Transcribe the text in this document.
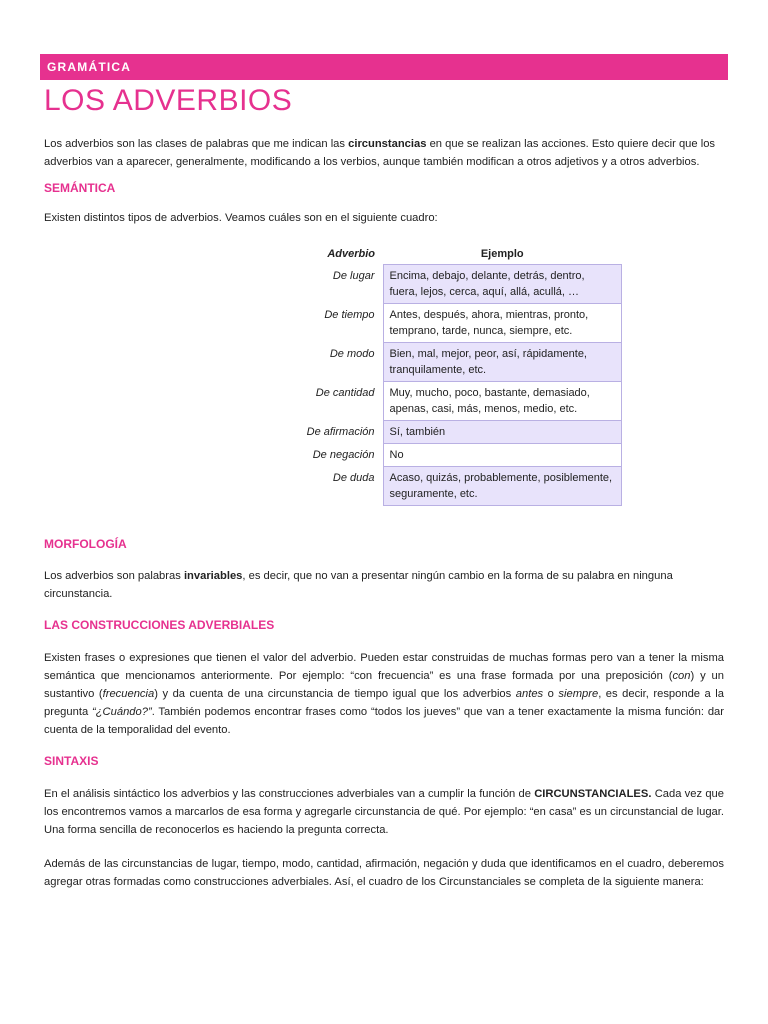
GRAMÁTICA
LOS ADVERBIOS

Los adverbios son las clases de palabras que me indican las circunstancias en que se realizan las acciones. Esto quiere decir que los adverbios van a aparecer, generalmente, modificando a los verbios, aunque también modifican a otros adjetivos y a otros adverbios.

SEMÁNTICA

Existen distintos tipos de adverbios. Veamos cuáles son en el siguiente cuadro:

Adverbio	Ejemplo
De lugar	Encima, debajo, delante, detrás, dentro, fuera, lejos, cerca, aquí, allá, acullá, …
De tiempo	Antes, después, ahora, mientras, pronto, temprano, tarde, nunca, siempre, etc.
De modo	Bien, mal, mejor, peor, así, rápidamente, tranquilamente, etc.
De cantidad	Muy, mucho, poco, bastante, demasiado, apenas, casi, más, menos, medio, etc.
De afirmación	Sí, también
De negación	No
De duda	Acaso, quizás, probablemente, posiblemente, seguramente, etc.
MORFOLOGÍA

Los adverbios son palabras invariables, es decir, que no van a presentar ningún cambio en la forma de su palabra en ninguna circunstancia.

LAS CONSTRUCCIONES ADVERBIALES

Existen frases o expresiones que tienen el valor del adverbio. Pueden estar construidas de muchas formas pero van a tener la misma semántica que mencionamos anteriormente. Por ejemplo: “con frecuencia” es una frase formada por una preposición (con) y un sustantivo (frecuencia) y da cuenta de una circunstancia de tiempo igual que los adverbios antes o siempre, es decir, responde a la pregunta “¿Cuándo?”. También podemos encontrar frases como “todos los jueves” que van a tener exactamente la misma función: dar cuenta de la temporalidad del evento.

SINTAXIS

En el análisis sintáctico los adverbios y las construcciones adverbiales van a cumplir la función de CIRCUNSTANCIALES. Cada vez que los encontremos vamos a marcarlos de esa forma y agregarle circunstancia de qué. Por ejemplo: “en casa” es un circunstancial de lugar. Una forma sencilla de reconocerlos es haciendo la pregunta correcta.

Además de las circunstancias de lugar, tiempo, modo, cantidad, afirmación, negación y duda que identificamos en el cuadro, deberemos agregar otras formadas como construcciones adverbiales. Así, el cuadro de los Circunstanciales se completa de la siguiente manera:
